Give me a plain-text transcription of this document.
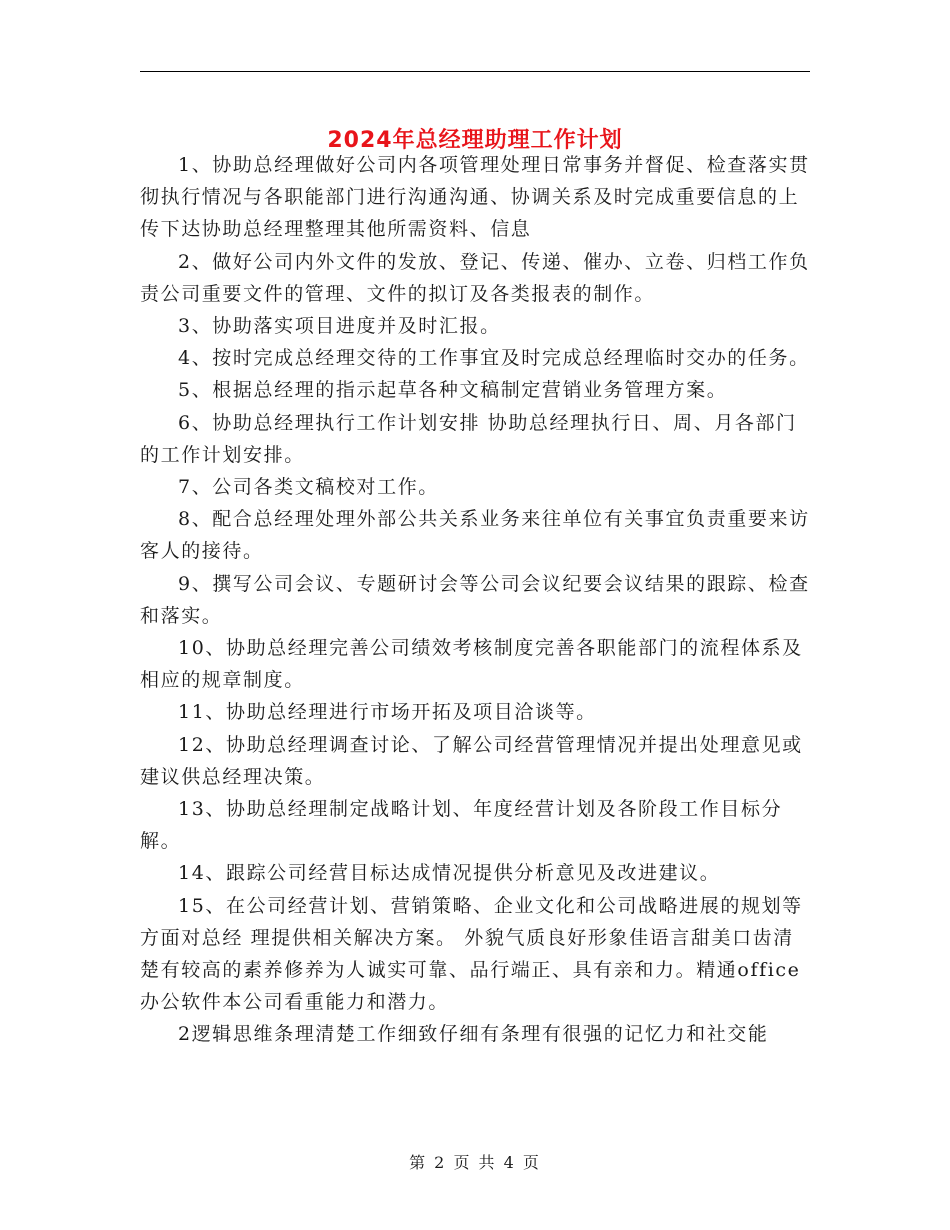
2024年总经理助理工作计划

1、协助总经理做好公司内各项管理处理日常事务并督促、检查落实贯彻执行情况与各职能部门进行沟通沟通、协调关系及时完成重要信息的上传下达协助总经理整理其他所需资料、信息

2、做好公司内外文件的发放、登记、传递、催办、立卷、归档工作负责公司重要文件的管理、文件的拟订及各类报表的制作。

3、协助落实项目进度并及时汇报。

4、按时完成总经理交待的工作事宜及时完成总经理临时交办的任务。

5、根据总经理的指示起草各种文稿制定营销业务管理方案。

6、协助总经理执行工作计划安排 协助总经理执行日、周、月各部门的工作计划安排。

7、公司各类文稿校对工作。

8、配合总经理处理外部公共关系业务来往单位有关事宜负责重要来访客人的接待。

9、撰写公司会议、专题研讨会等公司会议纪要会议结果的跟踪、检查和落实。

10、协助总经理完善公司绩效考核制度完善各职能部门的流程体系及相应的规章制度。

11、协助总经理进行市场开拓及项目洽谈等。

12、协助总经理调查讨论、了解公司经营管理情况并提出处理意见或建议供总经理决策。

13、协助总经理制定战略计划、年度经营计划及各阶段工作目标分解。

14、跟踪公司经营目标达成情况提供分析意见及改进建议。

15、在公司经营计划、营销策略、企业文化和公司战略进展的规划等方面对总经 理提供相关解决方案。 外貌气质良好形象佳语言甜美口齿清楚有较高的素养修养为人诚实可靠、品行端正、具有亲和力。精通office办公软件本公司看重能力和潜力。

2逻辑思维条理清楚工作细致仔细有条理有很强的记忆力和社交能

第 2 页 共 4 页
